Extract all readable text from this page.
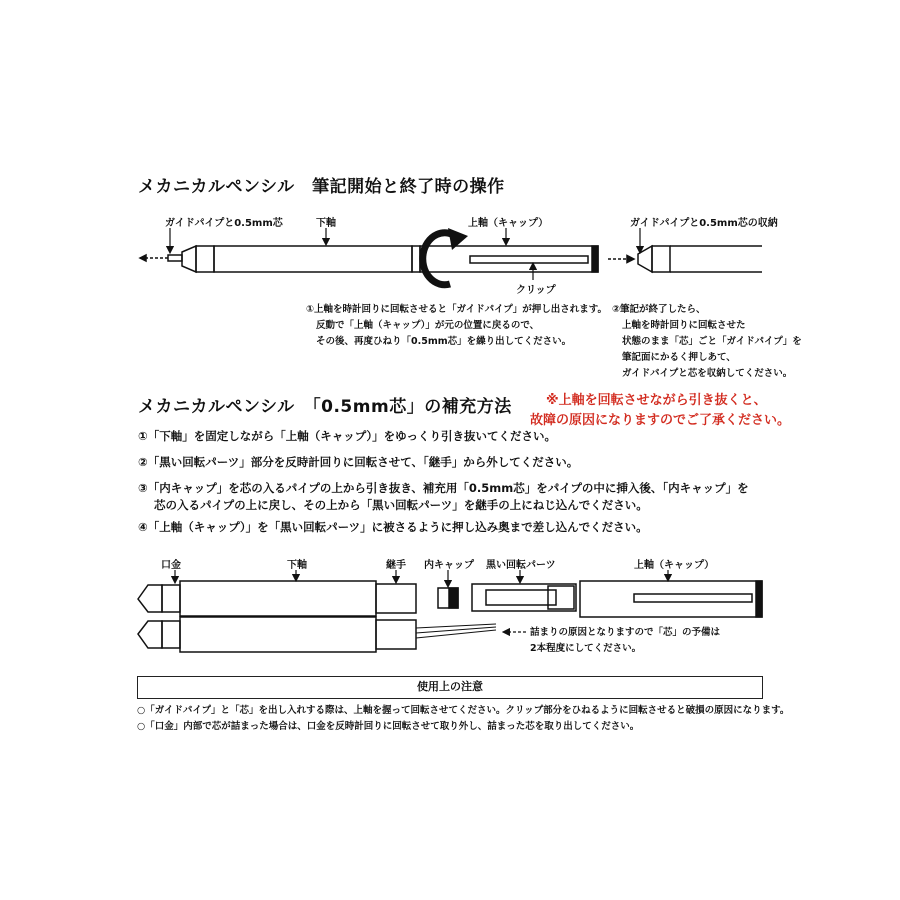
メカニカルペンシル　筆記開始と終了時の操作
ガイドパイプと0.5mm芯	下軸	上軸（キャップ）
クリップ
ガイドパイプと0.5mm芯の収納
①上軸を時計回りに回転させると「ガイドパイプ」が押し出されます。
反動で「上軸（キャップ）」が元の位置に戻るので、
その後、再度ひねり「0.5mm芯」を繰り出してください。
②筆記が終了したら、
上軸を時計回りに回転させた
状態のまま「芯」ごと「ガイドパイプ」を
筆記面にかるく押しあて、
ガイドパイプと芯を収納してください。
メカニカルペンシル　「0.5mm芯」の補充方法	※上軸を回転させながら引き抜くと、
故障の原因になりますのでご了承ください。
①「下軸」を固定しながら「上軸（キャップ）」をゆっくり引き抜いてください。
②「黒い回転パーツ」部分を反時計回りに回転させて、「継手」から外してください。
③「内キャップ」を芯の入るパイプの上から引き抜き、補充用「0.5mm芯」をパイプの中に挿入後、「内キャップ」を
芯の入るパイプの上に戻し、その上から「黒い回転パーツ」を継手の上にねじ込んでください。
④「上軸（キャップ）」を「黒い回転パーツ」に被さるように押し込み奥まで差し込んでください。
口金	下軸	継手 内キャップ 黒い回転パーツ	上軸（キャップ）
詰まりの原因となりますので「芯」の予備は
2本程度にしてください。
使用上の注意
○「ガイドパイプ」と「芯」を出し入れする際は、上軸を握って回転させてください。クリップ部分をひねるように回転させると破損の原因になります。
○「口金」内部で芯が詰まった場合は、口金を反時計回りに回転させて取り外し、詰まった芯を取り出してください。
